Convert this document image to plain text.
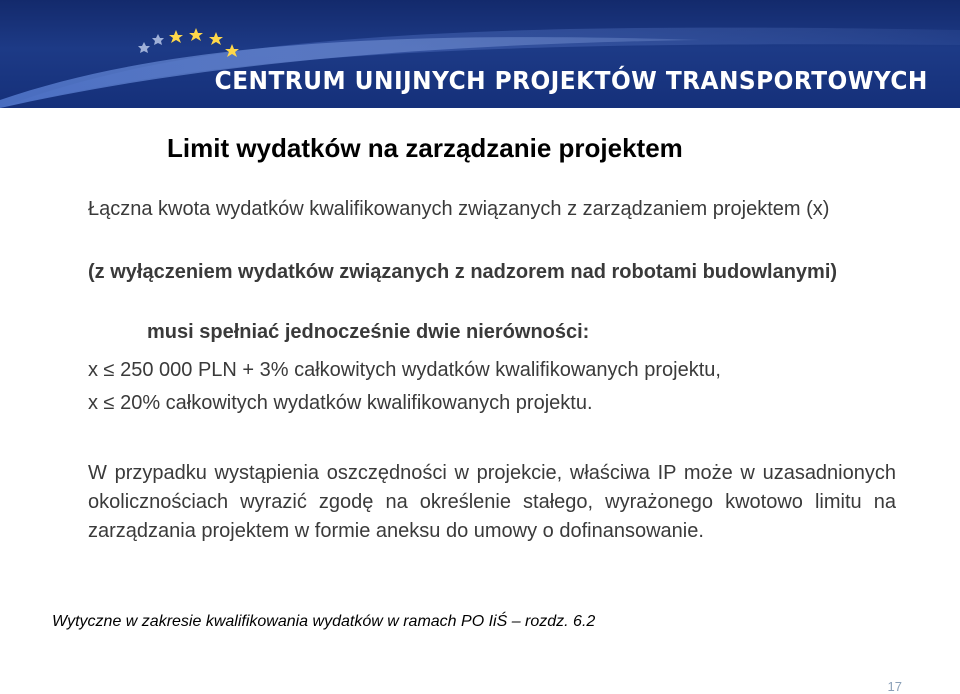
CENTRUM UNIJNYCH PROJEKTÓW TRANSPORTOWYCH
Limit wydatków na zarządzanie projektem
Łączna kwota wydatków kwalifikowanych związanych z zarządzaniem projektem (x)
(z wyłączeniem wydatków związanych z nadzorem nad robotami budowlanymi)
musi spełniać jednocześnie dwie nierówności:
x ≤ 250 000 PLN + 3% całkowitych wydatków kwalifikowanych projektu,
x ≤ 20% całkowitych wydatków kwalifikowanych projektu.
W przypadku wystąpienia oszczędności w projekcie, właściwa IP może w uzasadnionych okolicznościach wyrazić zgodę na określenie stałego, wyrażonego kwotowo limitu na zarządzania projektem w formie aneksu do umowy o dofinansowanie.
Wytyczne w zakresie kwalifikowania wydatków w ramach PO IiŚ – rozdz. 6.2
17
